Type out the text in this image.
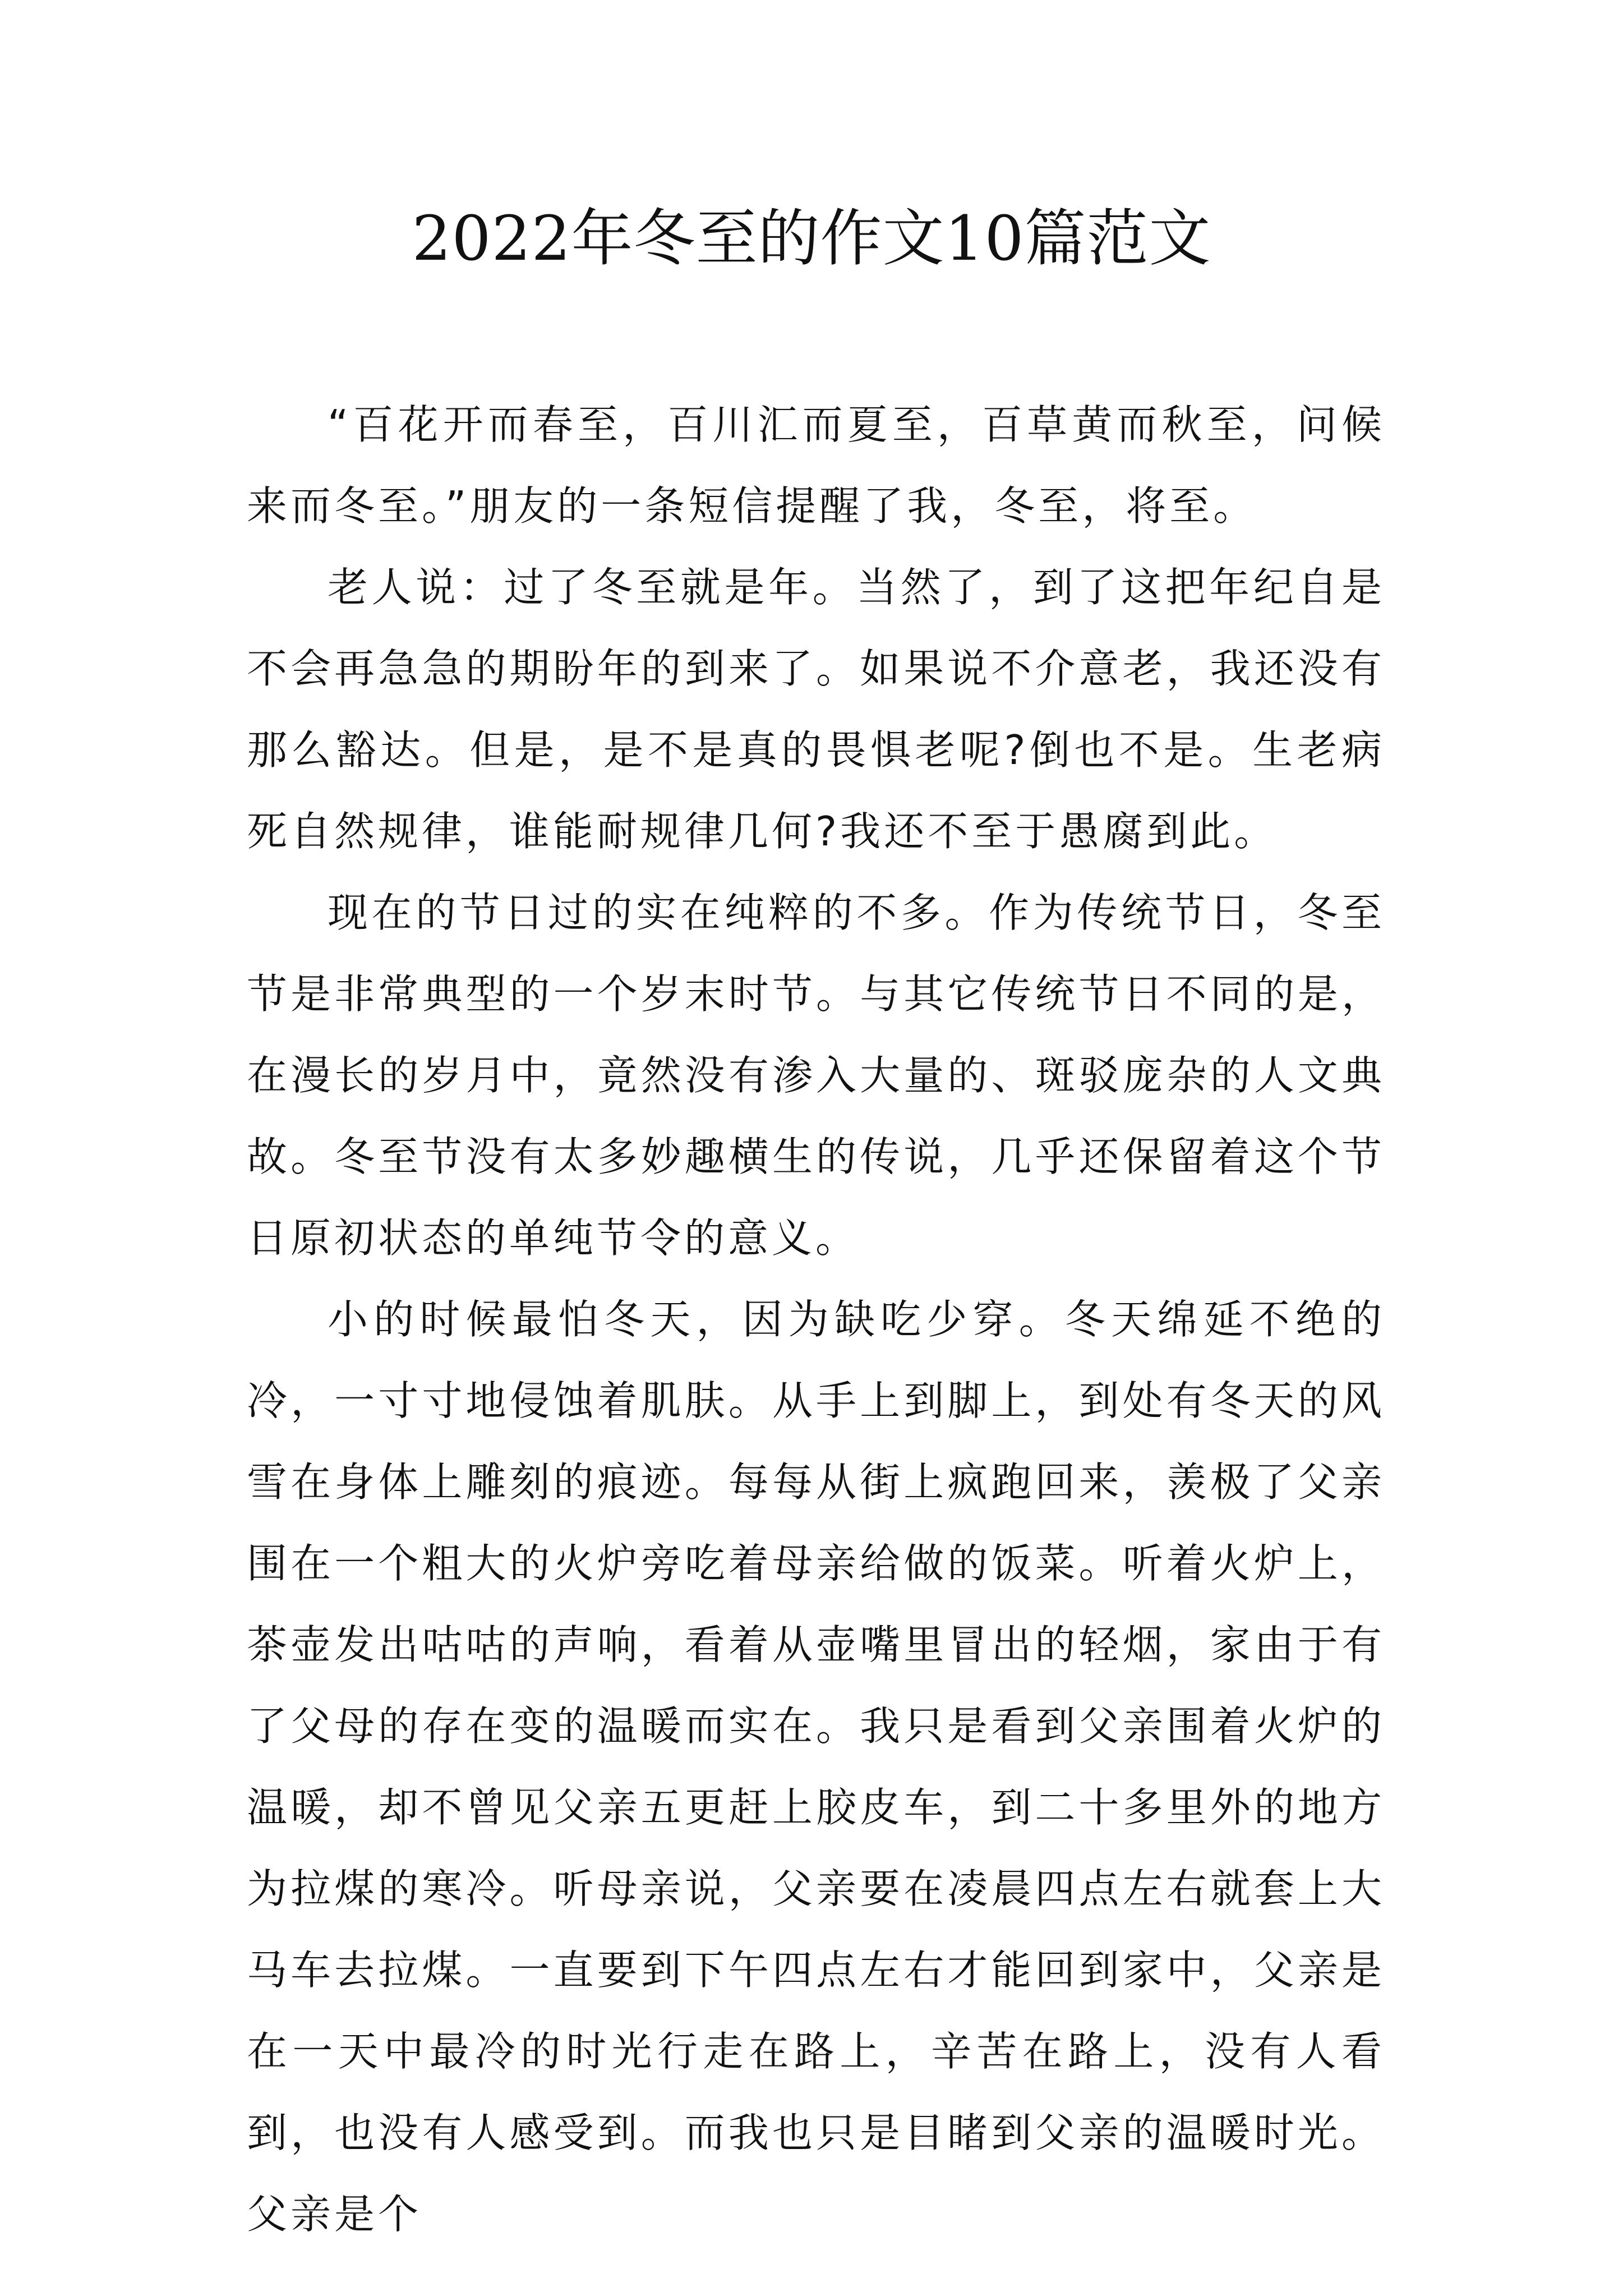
2022年冬至的作文10篇范文

“百花开而春至，百川汇而夏至，百草黄而秋至，问候来而冬至。”朋友的一条短信提醒了我，冬至，将至。

老人说：过了冬至就是年。当然了，到了这把年纪自是不会再急急的期盼年的到来了。如果说不介意老，我还没有那么豁达。但是，是不是真的畏惧老呢?倒也不是。生老病死自然规律，谁能耐规律几何?我还不至于愚腐到此。

现在的节日过的实在纯粹的不多。作为传统节日，冬至节是非常典型的一个岁末时节。与其它传统节日不同的是，在漫长的岁月中，竟然没有渗入大量的、斑驳庞杂的人文典故。冬至节没有太多妙趣横生的传说，几乎还保留着这个节日原初状态的单纯节令的意义。

小的时候最怕冬天，因为缺吃少穿。冬天绵延不绝的冷，一寸寸地侵蚀着肌肤。从手上到脚上，到处有冬天的风雪在身体上雕刻的痕迹。每每从街上疯跑回来，羡极了父亲围在一个粗大的火炉旁吃着母亲给做的饭菜。听着火炉上，茶壶发出咕咕的声响，看着从壶嘴里冒出的轻烟，家由于有了父母的存在变的温暖而实在。我只是看到父亲围着火炉的温暖，却不曾见父亲五更赶上胶皮车，到二十多里外的地方为拉煤的寒冷。听母亲说，父亲要在凌晨四点左右就套上大马车去拉煤。一直要到下午四点左右才能回到家中，父亲是在一天中最冷的时光行走在路上，辛苦在路上，没有人看到，也没有人感受到。而我也只是目睹到父亲的温暖时光。父亲是个
